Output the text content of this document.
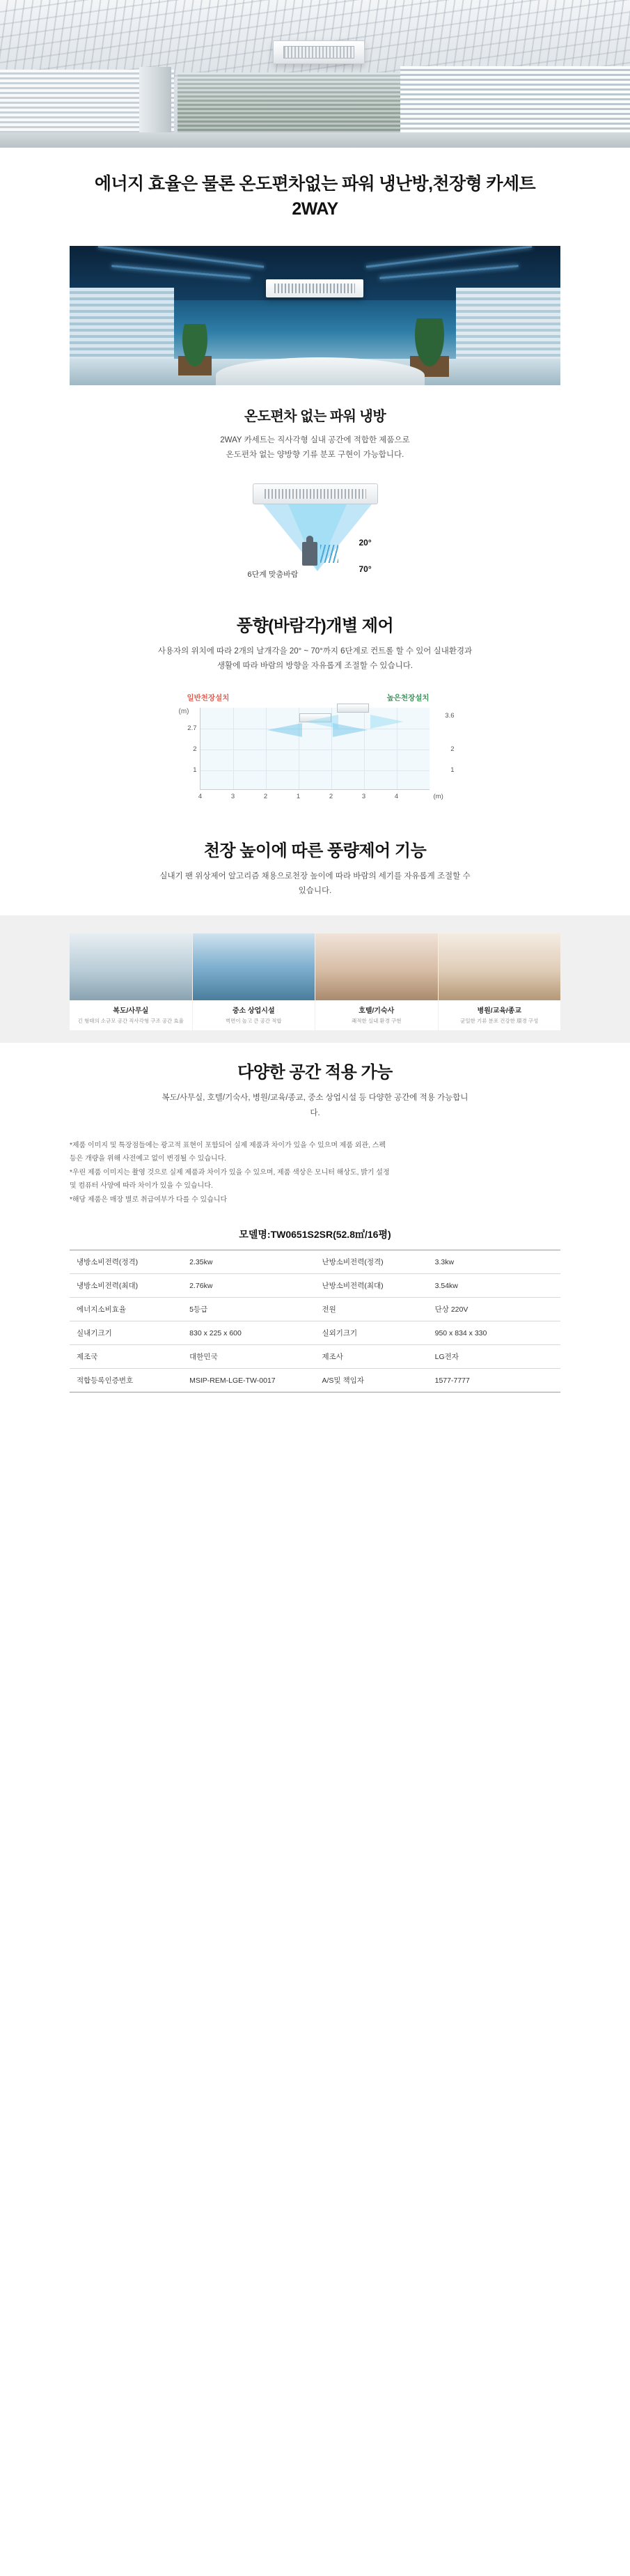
에너지 효율은 물론 온도편차없는 파워 냉난방,천장형 카세트 2WAY
온도편차 없는 파워 냉방
2WAY 카세트는 직사각형 실내 공간에 적합한 제품으로
온도편차 없는 양방향 기류 분포 구현이 가능합니다.
20°
70°
6단계 맞춤바람
풍향(바람각)개별 제어
사용자의 위치에 따라 2개의 날개각을 20° ~ 70°까지 6단계로 컨트롤 할 수 있어 실내환경과
생활에 따라 바람의 방향을 자유롭게 조절할 수 있습니다.
일반천장설치	높은천장설치
(m)
2.7
2
1
3.6
2
1
4	3	2	1	2	3	4	(m)
천장 높이에 따른 풍량제어 기능
실내기 팬 위상제어 알고리즘 채용으로천장 높이에 따라 바람의 세기를 자유롭게 조절할 수
있습니다.
복도/사무실
긴 형태의 소규모 공간 직사각형 구조 공간 효율
중소 상업시설
벽면이 높고 큰 공간 적합
호텔/기숙사
쾌적한 실내 환경 구현
병원/교육/종교
균일한 기류 분포 건강한 環경 구성
다양한 공간 적용 가능
복도/사무실, 호텔/기숙사, 병원/교육/종교, 중소 상업시설 등 다양한 공간에 적용 가능합니
다.

*제품 이미지 및 특장점들에는 광고적 표현이 포함되어 실제 제품과 차이가 있을 수 있으며 제품 외관, 스펙

등은 개량을 위해 사전예고 없이 변경될 수 있습니다.

*우린 제품 이미지는 촬영 것으로 실제 제품과 차이가 있을 수 있으며, 제품 색상은 모니터 해상도, 밝기 설정

및 컴퓨터 사양에 따라 차이가 있을 수 있습니다.

*해당 제품은 매장 별로 취급여부가 다를 수 있습니다

모델명:TW0651S2SR(52.8㎡/16평)
냉방소비전력(정격)	2.35kw	난방소비전력(정격)	3.3kw
냉방소비전력(최대)	2.76kw	난방소비전력(최대)	3.54kw
에너지소비효율	5등급	전원	단상 220V
실내기크기	830 x 225 x 600	실외기크기	950 x 834 x 330
제조국	대한민국	제조사	LG전자
적합등록인증번호	MSIP-REM-LGE-TW-0017	A/S및 책임자	1577-7777
